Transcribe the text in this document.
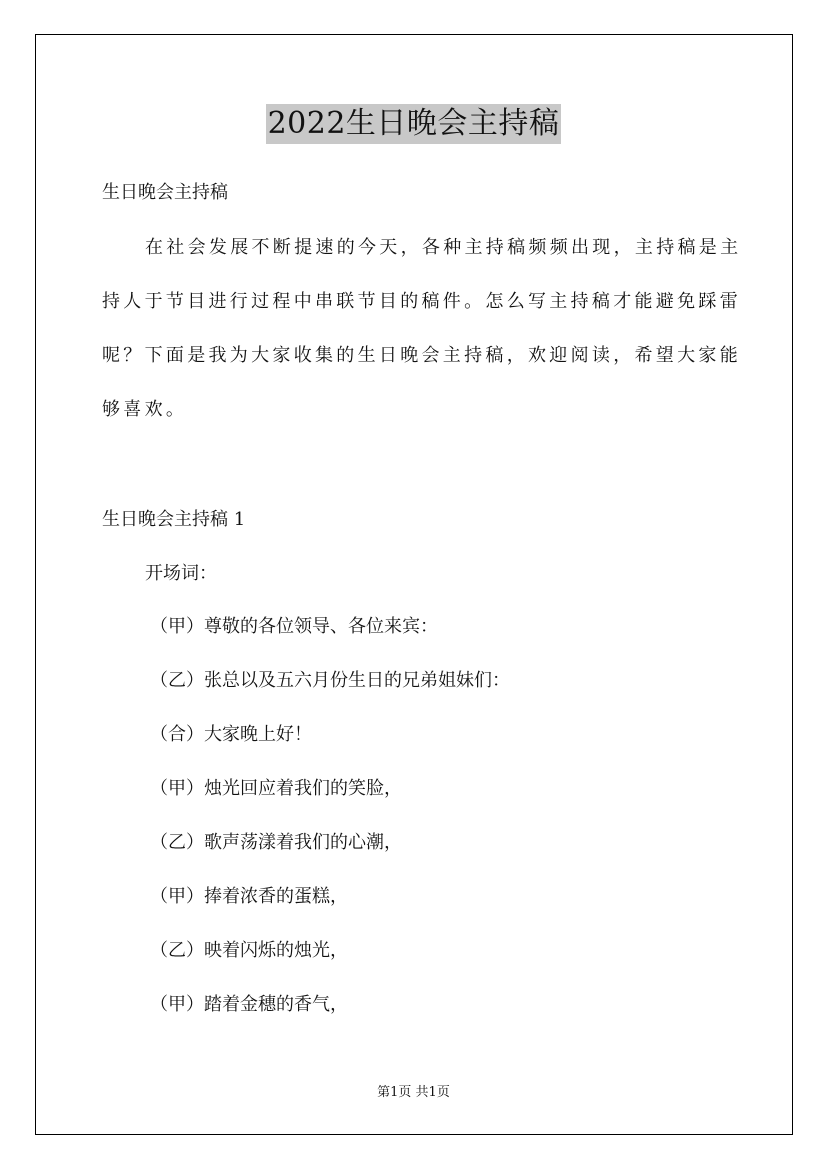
2022生日晚会主持稿

生日晚会主持稿

在社会发展不断提速的今天，各种主持稿频频出现，主持稿是主

持人于节目进行过程中串联节目的稿件。怎么写主持稿才能避免踩雷

呢？下面是我为大家收集的生日晚会主持稿，欢迎阅读，希望大家能

够喜欢。

生日晚会主持稿 1

开场词：

（甲）尊敬的各位领导、各位来宾：

（乙）张总以及五六月份生日的兄弟姐妹们：

（合）大家晚上好！

（甲）烛光回应着我们的笑脸，

（乙）歌声荡漾着我们的心潮，

（甲）捧着浓香的蛋糕，

（乙）映着闪烁的烛光，

（甲）踏着金穗的香气，

第1页 共1页
